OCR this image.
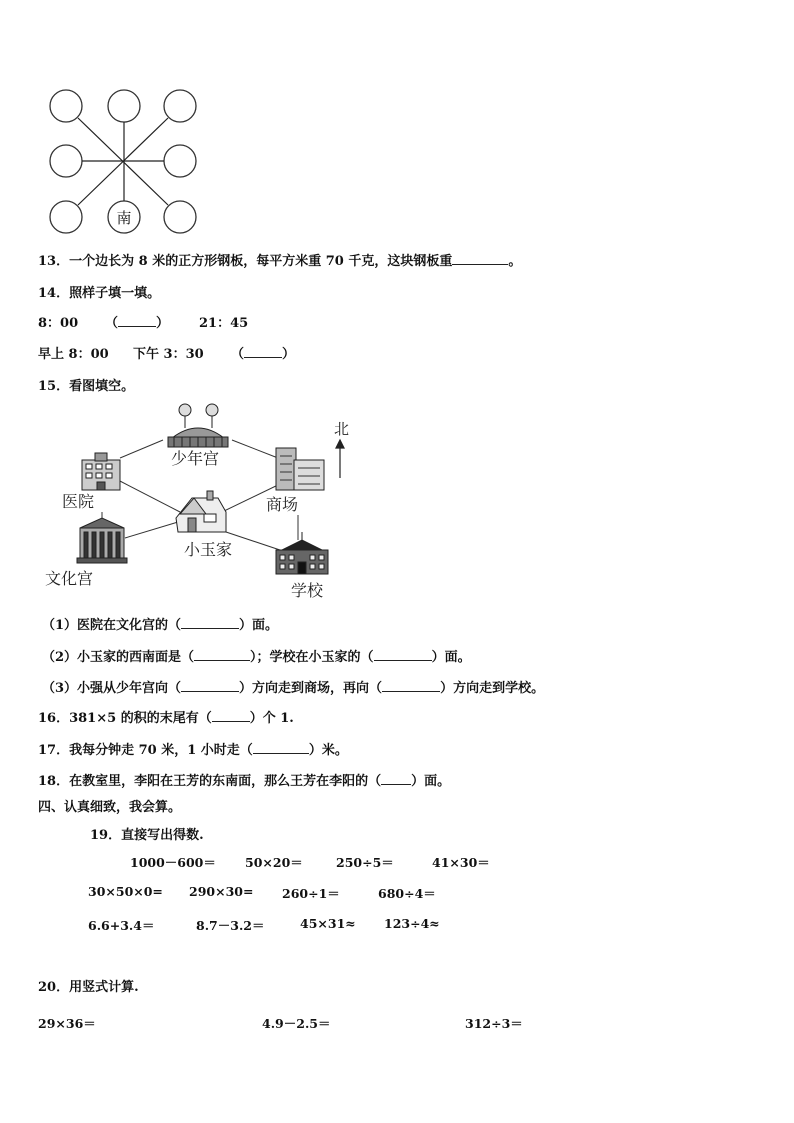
南
13．一个边长为 8 米的正方形钢板，每平方米重 70 千克，这块钢板重	。
14．照样子填一填。
8：00 （	） 21：45
早上 8：00 下午 3：30 （	）
15．看图填空。
北
少年宫
医院	商场
小玉家
文化宫
学校
（1）医院在文化宫的（	）面。
（2）小玉家的西南面是（	）；学校在小玉家的（	）面。
（3）小强从少年宫向（	）方向走到商场，再向（	）方向走到学校。
16．381×5 的积的末尾有（	）个 1.
17．我每分钟走 70 米，1 小时走（	）米。
18．在教室里，李阳在王芳的东南面，那么王芳在李阳的（ ）面。
四、认真细致，我会算。
19．直接写出得数.
1000－600＝ 50×20＝	250÷5＝	41×30＝
30×50×0= 290×30= 260÷1＝	680÷4＝
6.6+3.4＝	8.7－3.2＝	45×31≈ 123÷4≈
20．用竖式计算.
29×36＝	4.9－2.5＝	312÷3＝
